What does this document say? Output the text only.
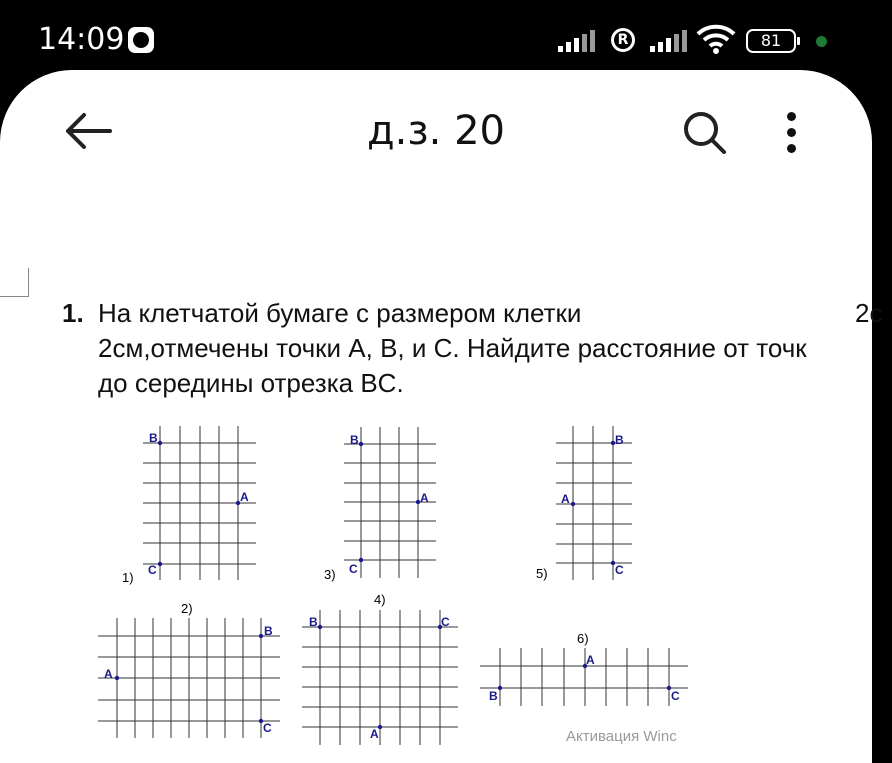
14:09	R	81
д.з. 20
1. На клетчатой бумаге с размером клетки	2с
2см,отмечены точки A, B, и C. Найдите расстояние от точк
до середины отрезка BC.
1)
B
A
C	3)
B
A
C	5)
B
A
C
2)
B
A
C
4)
B	C
A
6)
A
B	C
Активация Winc
